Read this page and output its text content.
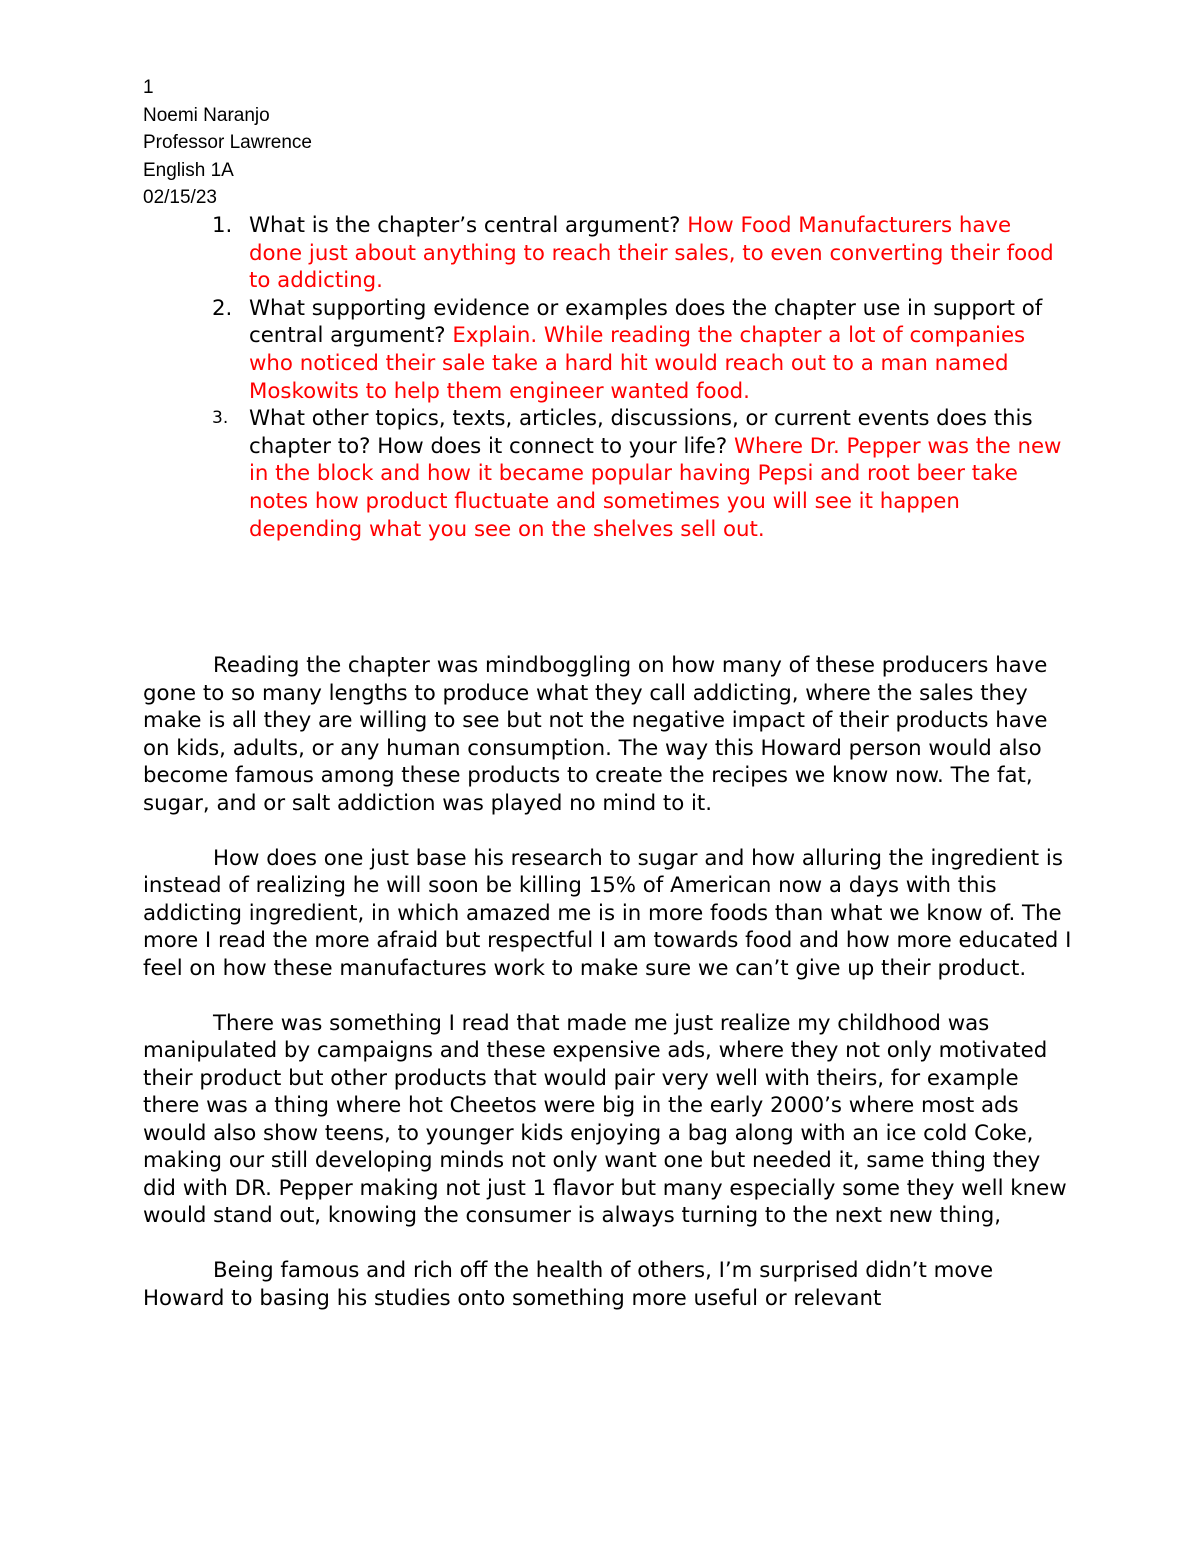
1
Noemi Naranjo
Professor Lawrence
English 1A
02/15/23
1. What is the chapter’s central argument? How Food Manufacturers have done just about anything to reach their sales, to even converting their food to addicting.
2. What supporting evidence or examples does the chapter use in support of central argument? Explain. While reading the chapter a lot of companies who noticed their sale take a hard hit would reach out to a man named Moskowits to help them engineer wanted food.
3. What other topics, texts, articles, discussions, or current events does this chapter to? How does it connect to your life? Where Dr. Pepper was the new in the block and how it became popular having Pepsi and root beer take notes how product fluctuate and sometimes you will see it happen depending what you see on the shelves sell out.

Reading the chapter was mindboggling on how many of these producers have gone to so many lengths to produce what they call addicting, where the sales they make is all they are willing to see but not the negative impact of their products have on kids, adults, or any human consumption. The way this Howard person would also become famous among these products to create the recipes we know now. The fat, sugar, and or salt addiction was played no mind to it.

How does one just base his research to sugar and how alluring the ingredient is instead of realizing he will soon be killing 15% of American now a days with this addicting ingredient, in which amazed me is in more foods than what we know of. The more I read the more afraid but respectful I am towards food and how more educated I feel on how these manufactures work to make sure we can’t give up their product.

There was something I read that made me just realize my childhood was manipulated by campaigns and these expensive ads, where they not only motivated their product but other products that would pair very well with theirs, for example there was a thing where hot Cheetos were big in the early 2000’s where most ads would also show teens, to younger kids enjoying a bag along with an ice cold Coke, making our still developing minds not only want one but needed it, same thing they did with DR. Pepper making not just 1 flavor but many especially some they well knew would stand out, knowing the consumer is always turning to the next new thing,

Being famous and rich off the health of others, I’m surprised didn’t move Howard to basing his studies onto something more useful or relevant
